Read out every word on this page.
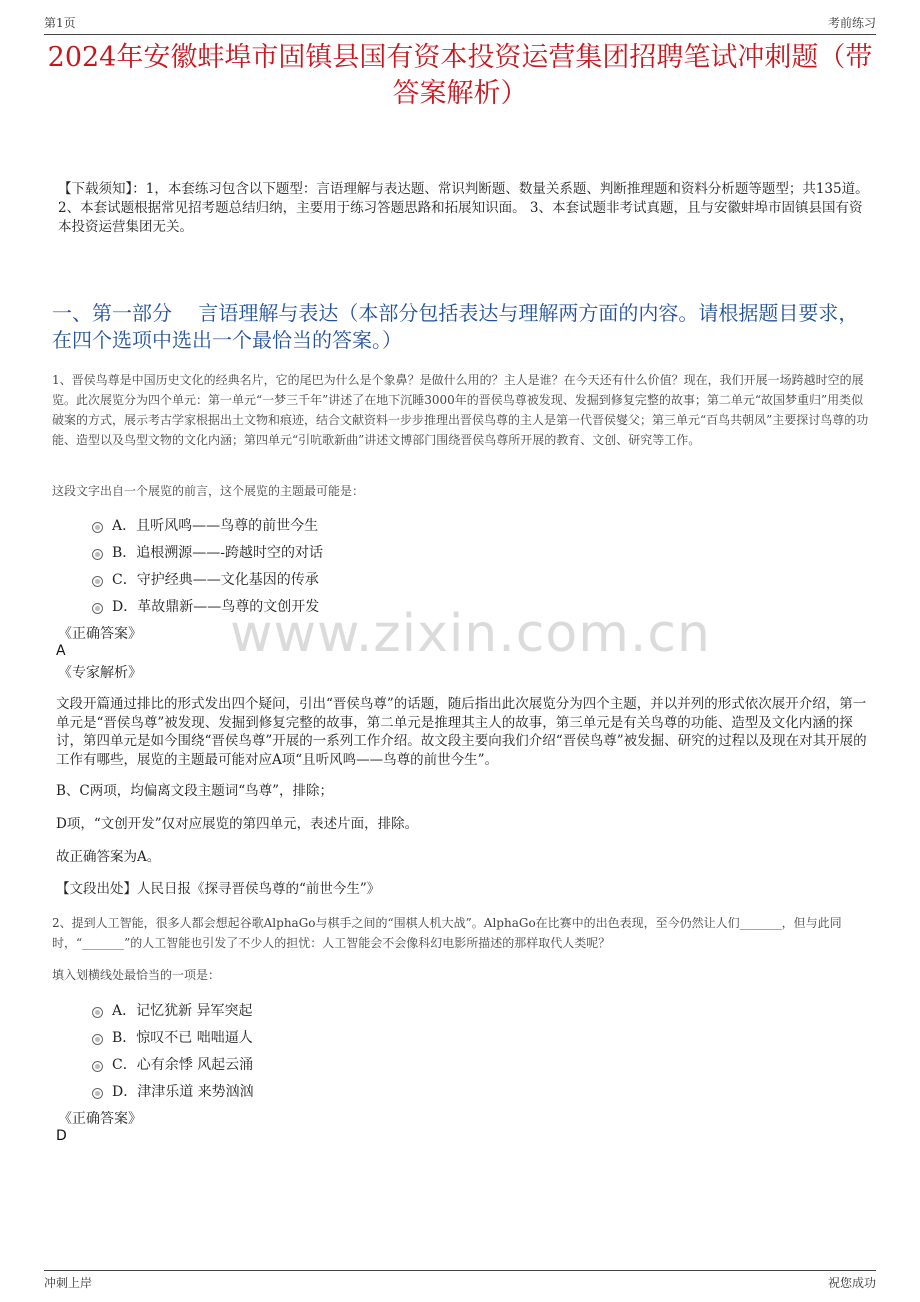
第1页	考前练习
2024年安徽蚌埠市固镇县国有资本投资运营集团招聘笔试冲刺题（带答案解析）
【下载须知】：1，本套练习包含以下题型：言语理解与表达题、常识判断题、数量关系题、判断推理题和资料分析题等题型；共135道。 2、本套试题根据常见招考题总结归纳，主要用于练习答题思路和拓展知识面。 3、本套试题非考试真题，且与安徽蚌埠市固镇县国有资本投资运营集团无关。
一、第一部分　 言语理解与表达（本部分包括表达与理解两方面的内容。请根据题目要求，在四个选项中选出一个最恰当的答案。）
1、晋侯鸟尊是中国历史文化的经典名片，它的尾巴为什么是个象鼻？是做什么用的？主人是谁？在今天还有什么价值？现在，我们开展一场跨越时空的展览。此次展览分为四个单元：第一单元“一梦三千年”讲述了在地下沉睡3000年的晋侯鸟尊被发现、发掘到修复完整的故事；第二单元“故国梦重归”用类似破案的方式，展示考古学家根据出土文物和痕迹，结合文献资料一步步推理出晋侯鸟尊的主人是第一代晋侯燮父；第三单元“百鸟共朝凤”主要探讨鸟尊的功能、造型以及鸟型文物的文化内涵；第四单元“引吭歌新曲”讲述文博部门围绕晋侯鸟尊所开展的教育、文创、研究等工作。
这段文字出自一个展览的前言，这个展览的主题最可能是：
A．且听风鸣——鸟尊的前世今生
B．追根溯源——-跨越时空的对话
C．守护经典——文化基因的传承
D．革故鼎新——鸟尊的文创开发
www.zixin.com.cn
《正确答案》
A
《专家解析》
文段开篇通过排比的形式发出四个疑问，引出“晋侯鸟尊”的话题，随后指出此次展览分为四个主题，并以并列的形式依次展开介绍，第一单元是“晋侯鸟尊”被发现、发掘到修复完整的故事，第二单元是推理其主人的故事，第三单元是有关鸟尊的功能、造型及文化内涵的探讨，第四单元是如今围绕“晋侯鸟尊”开展的一系列工作介绍。故文段主要向我们介绍“晋侯鸟尊”被发掘、研究的过程以及现在对其开展的工作有哪些，展览的主题最可能对应A项“且听风鸣——鸟尊的前世今生”。
B、C两项，均偏离文段主题词“鸟尊”，排除；
D项，“文创开发”仅对应展览的第四单元，表述片面，排除。
故正确答案为A。
【文段出处】人民日报《探寻晋侯鸟尊的“前世今生”》
2、提到人工智能，很多人都会想起谷歌AlphaGo与棋手之间的“围棋人机大战”。AlphaGo在比赛中的出色表现，至今仍然让人们_______，但与此同时，“_______”的人工智能也引发了不少人的担忧：人工智能会不会像科幻电影所描述的那样取代人类呢？
填入划横线处最恰当的一项是：
A．记忆犹新 异军突起
B．惊叹不已 咄咄逼人
C．心有余悸 风起云涌
D．津津乐道 来势汹汹
《正确答案》
D
冲刺上岸	祝您成功
